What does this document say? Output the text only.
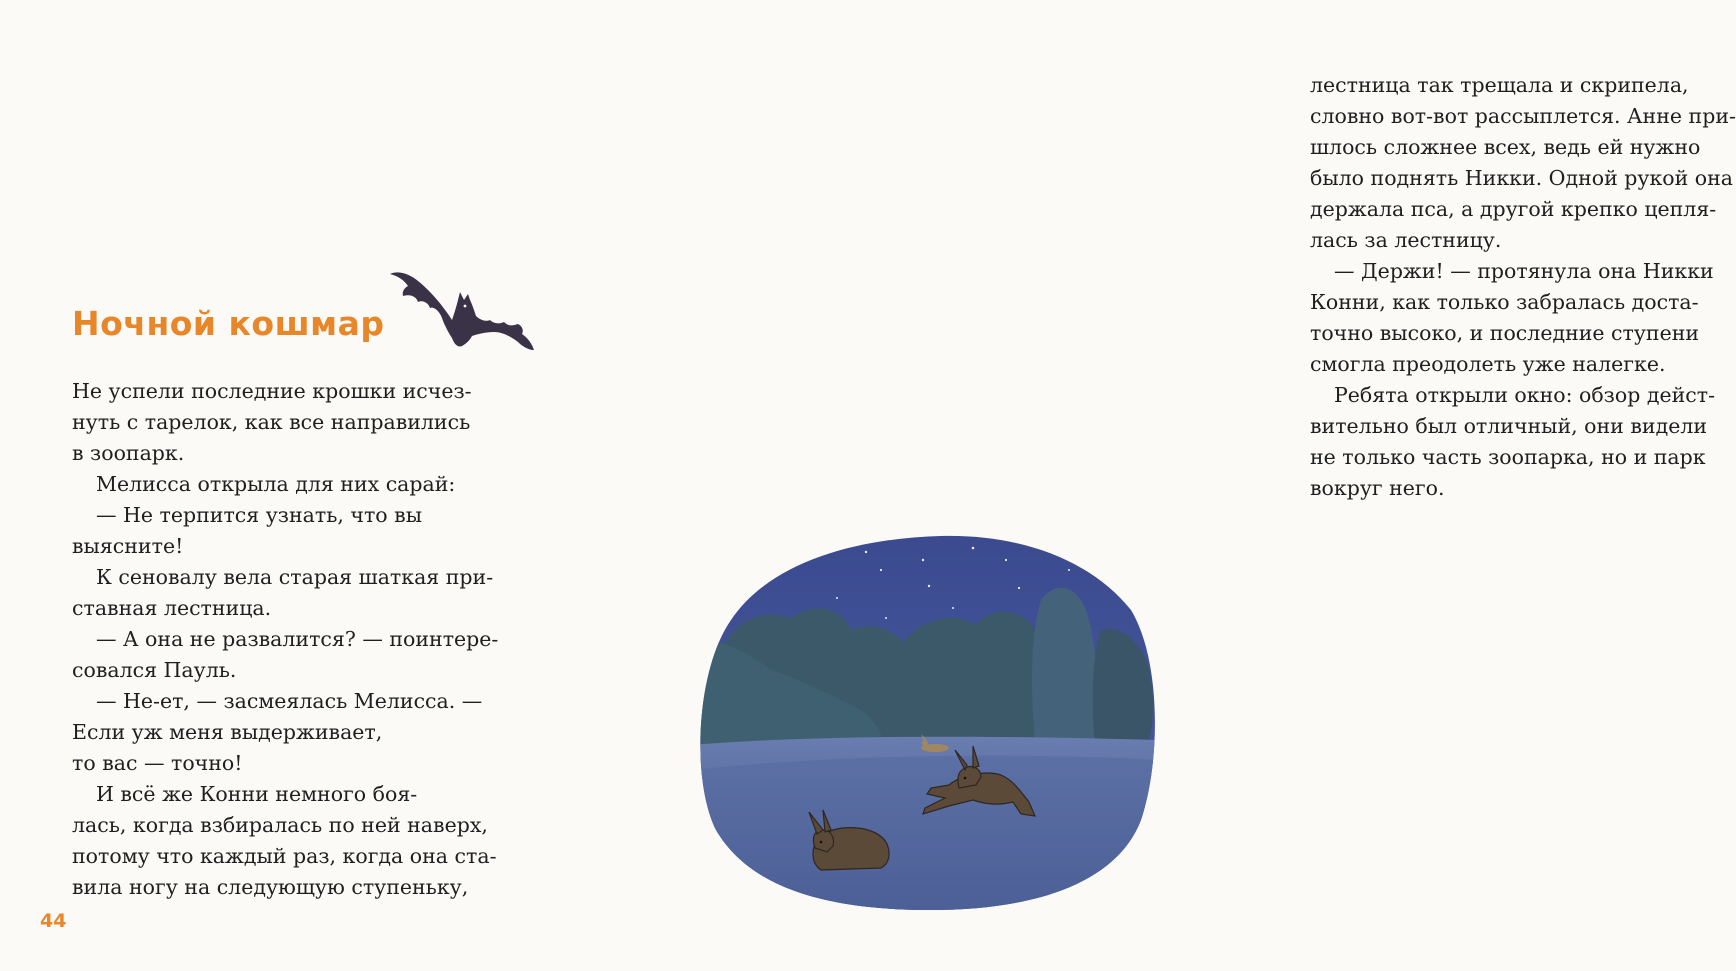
Ночной кошмар
Не успели последние крошки исчез-
нуть с тарелок, как все направились
в зоопарк.
Мелисса открыла для них сарай:
— Не терпится узнать, что вы
выясните!
К сеновалу вела старая шаткая при-
ставная лестница.
— А она не развалится? — поинтере-
совался Пауль.
— Не-ет, — засмеялась Мелисса. —
Если уж меня выдерживает,
то вас — точно!
И всё же Конни немного боя-
лась, когда взбиралась по ней наверх,
потому что каждый раз, когда она ста-
вила ногу на следующую ступеньку,
44
лестница так трещала и скрипела,
словно вот-вот рассыплется. Анне при-
шлось сложнее всех, ведь ей нужно
было поднять Никки. Одной рукой она
держала пса, а другой крепко цепля-
лась за лестницу.
— Держи! — протянула она Никки
Конни, как только забралась доста-
точно высоко, и последние ступени
смогла преодолеть уже налегке.
Ребята открыли окно: обзор дейст-
вительно был отличный, они видели
не только часть зоопарка, но и парк
вокруг него.
